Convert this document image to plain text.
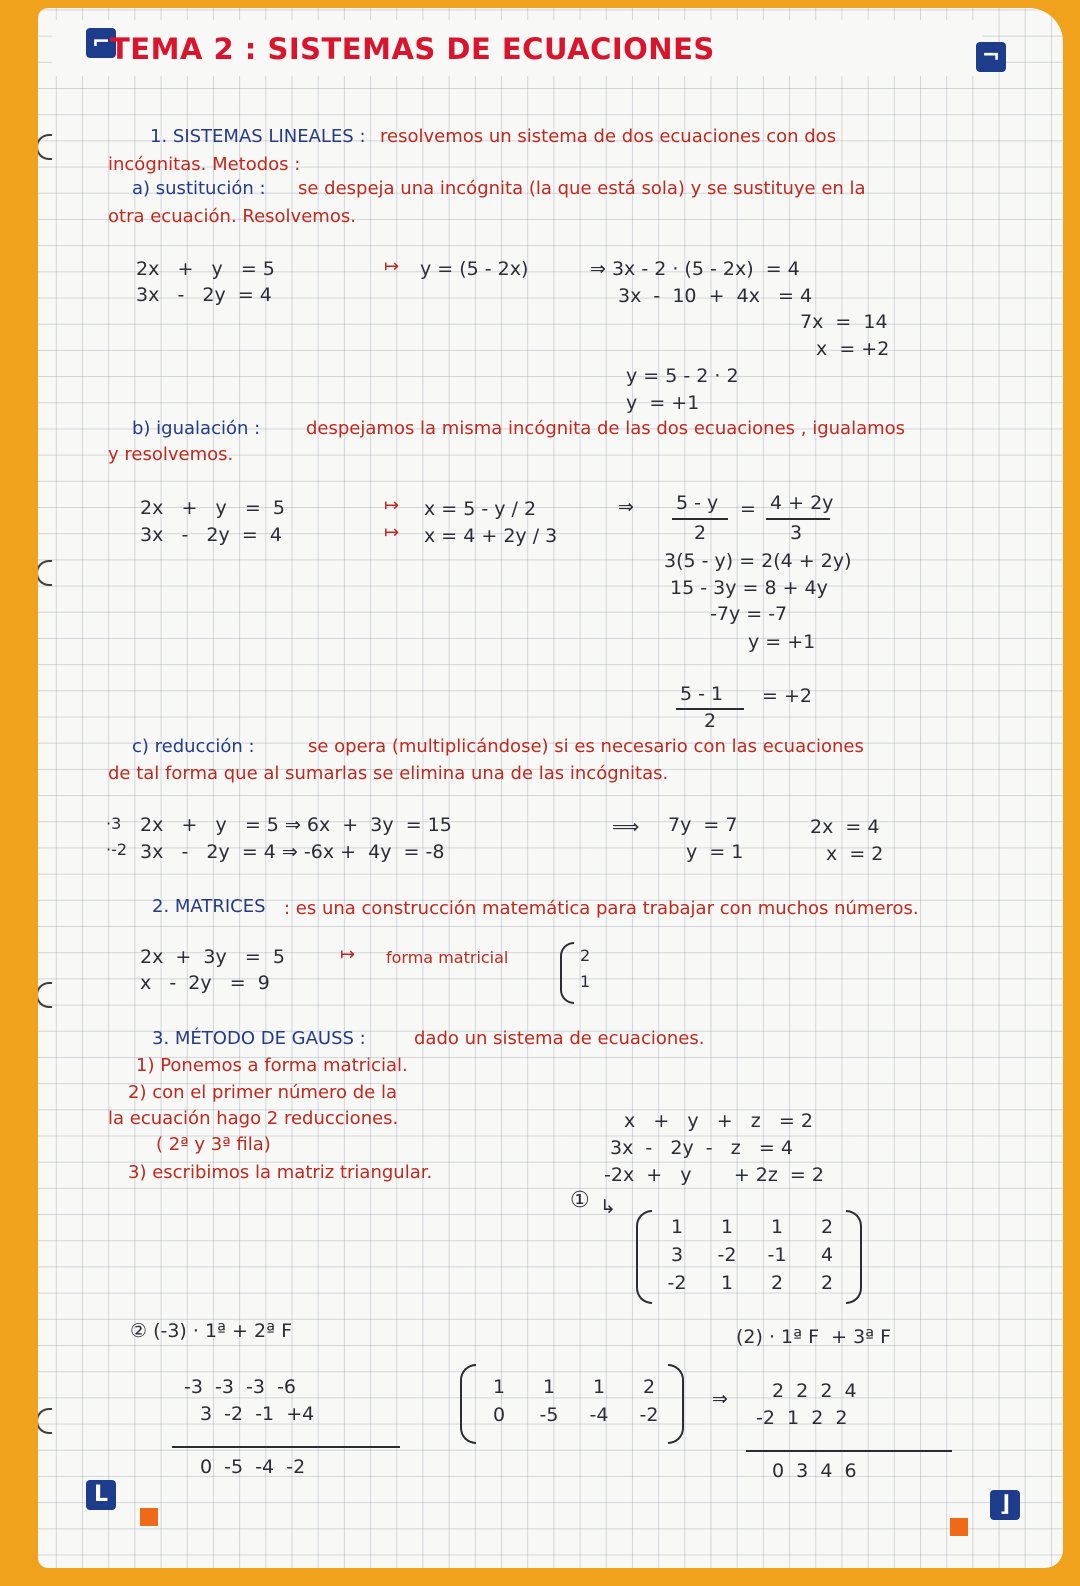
⌐
¬
L	⌋
TEMA 2 : SISTEMAS DE ECUACIONES
1. SISTEMAS LINEALES : resolvemos un sistema de dos ecuaciones con dos
incógnitas. Metodos :
a) sustitución : se despeja una incógnita (la que está sola) y se sustituye en la
otra ecuación. Resolvemos.
2x   +   y   = 5
3x   -   2y  = 4
↦ y = (5 - 2x)	⇒ 3x - 2 · (5 - 2x)  = 4
3x  -  10  +  4x   = 4
7x  =  14
x  = +2
y = 5 - 2 · 2
y  = +1
b) igualación :	despejamos la misma incógnita de las dos ecuaciones , igualamos
y resolvemos.
2x   +   y   =  5
3x   -   2y  =  4
↦
↦
x = 5 - y / 2
x = 4 + 2y / 3
⇒ 5 - y
2
= 4 + 2y
3
3(5 - y) = 2(4 + 2y)
15 - 3y = 8 + 4y
-7y = -7
y = +1
5 - 1
2
= +2
c) reducción :	se opera (multiplicándose) si es necesario con las ecuaciones
de tal forma que al sumarlas se elimina una de las incógnitas.
·3
·-2
2x   +   y   = 5 ⇒ 6x  +  3y  = 15
3x   -   2y  = 4 ⇒ -6x +  4y  = -8
⟹ 7y  = 7
y  = 1
2x  = 4
x  = 2
2. MATRICES : es una construcción matemática para trabajar con muchos números.
2x  +  3y   =  5
x   -  2y   =  9
↦ forma matricial	2
1
3. MÉTODO DE GAUSS :	dado un sistema de ecuaciones.
1) Ponemos a forma matricial.
2) con el primer número de la
la ecuación hago 2 reducciones.
( 2ª y 3ª fila)
3) escribimos la matriz triangular.
x   +   y   +   z   = 2
3x  -   2y  -   z   = 4
-2x  +   y       + 2z  = 2
① ↳
1	1	1	2
3	-2	-1	4
-2	1	2	2
② (-3) · 1ª + 2ª F	(2) · 1ª F  + 3ª F
-3  -3  -3  -6
3  -2  -1  +4
0  -5  -4  -2
1	1	1	2
0	-5	-4	-2
⇒ 2  2  2  4
-2  1  2  2
0  3  4  6
